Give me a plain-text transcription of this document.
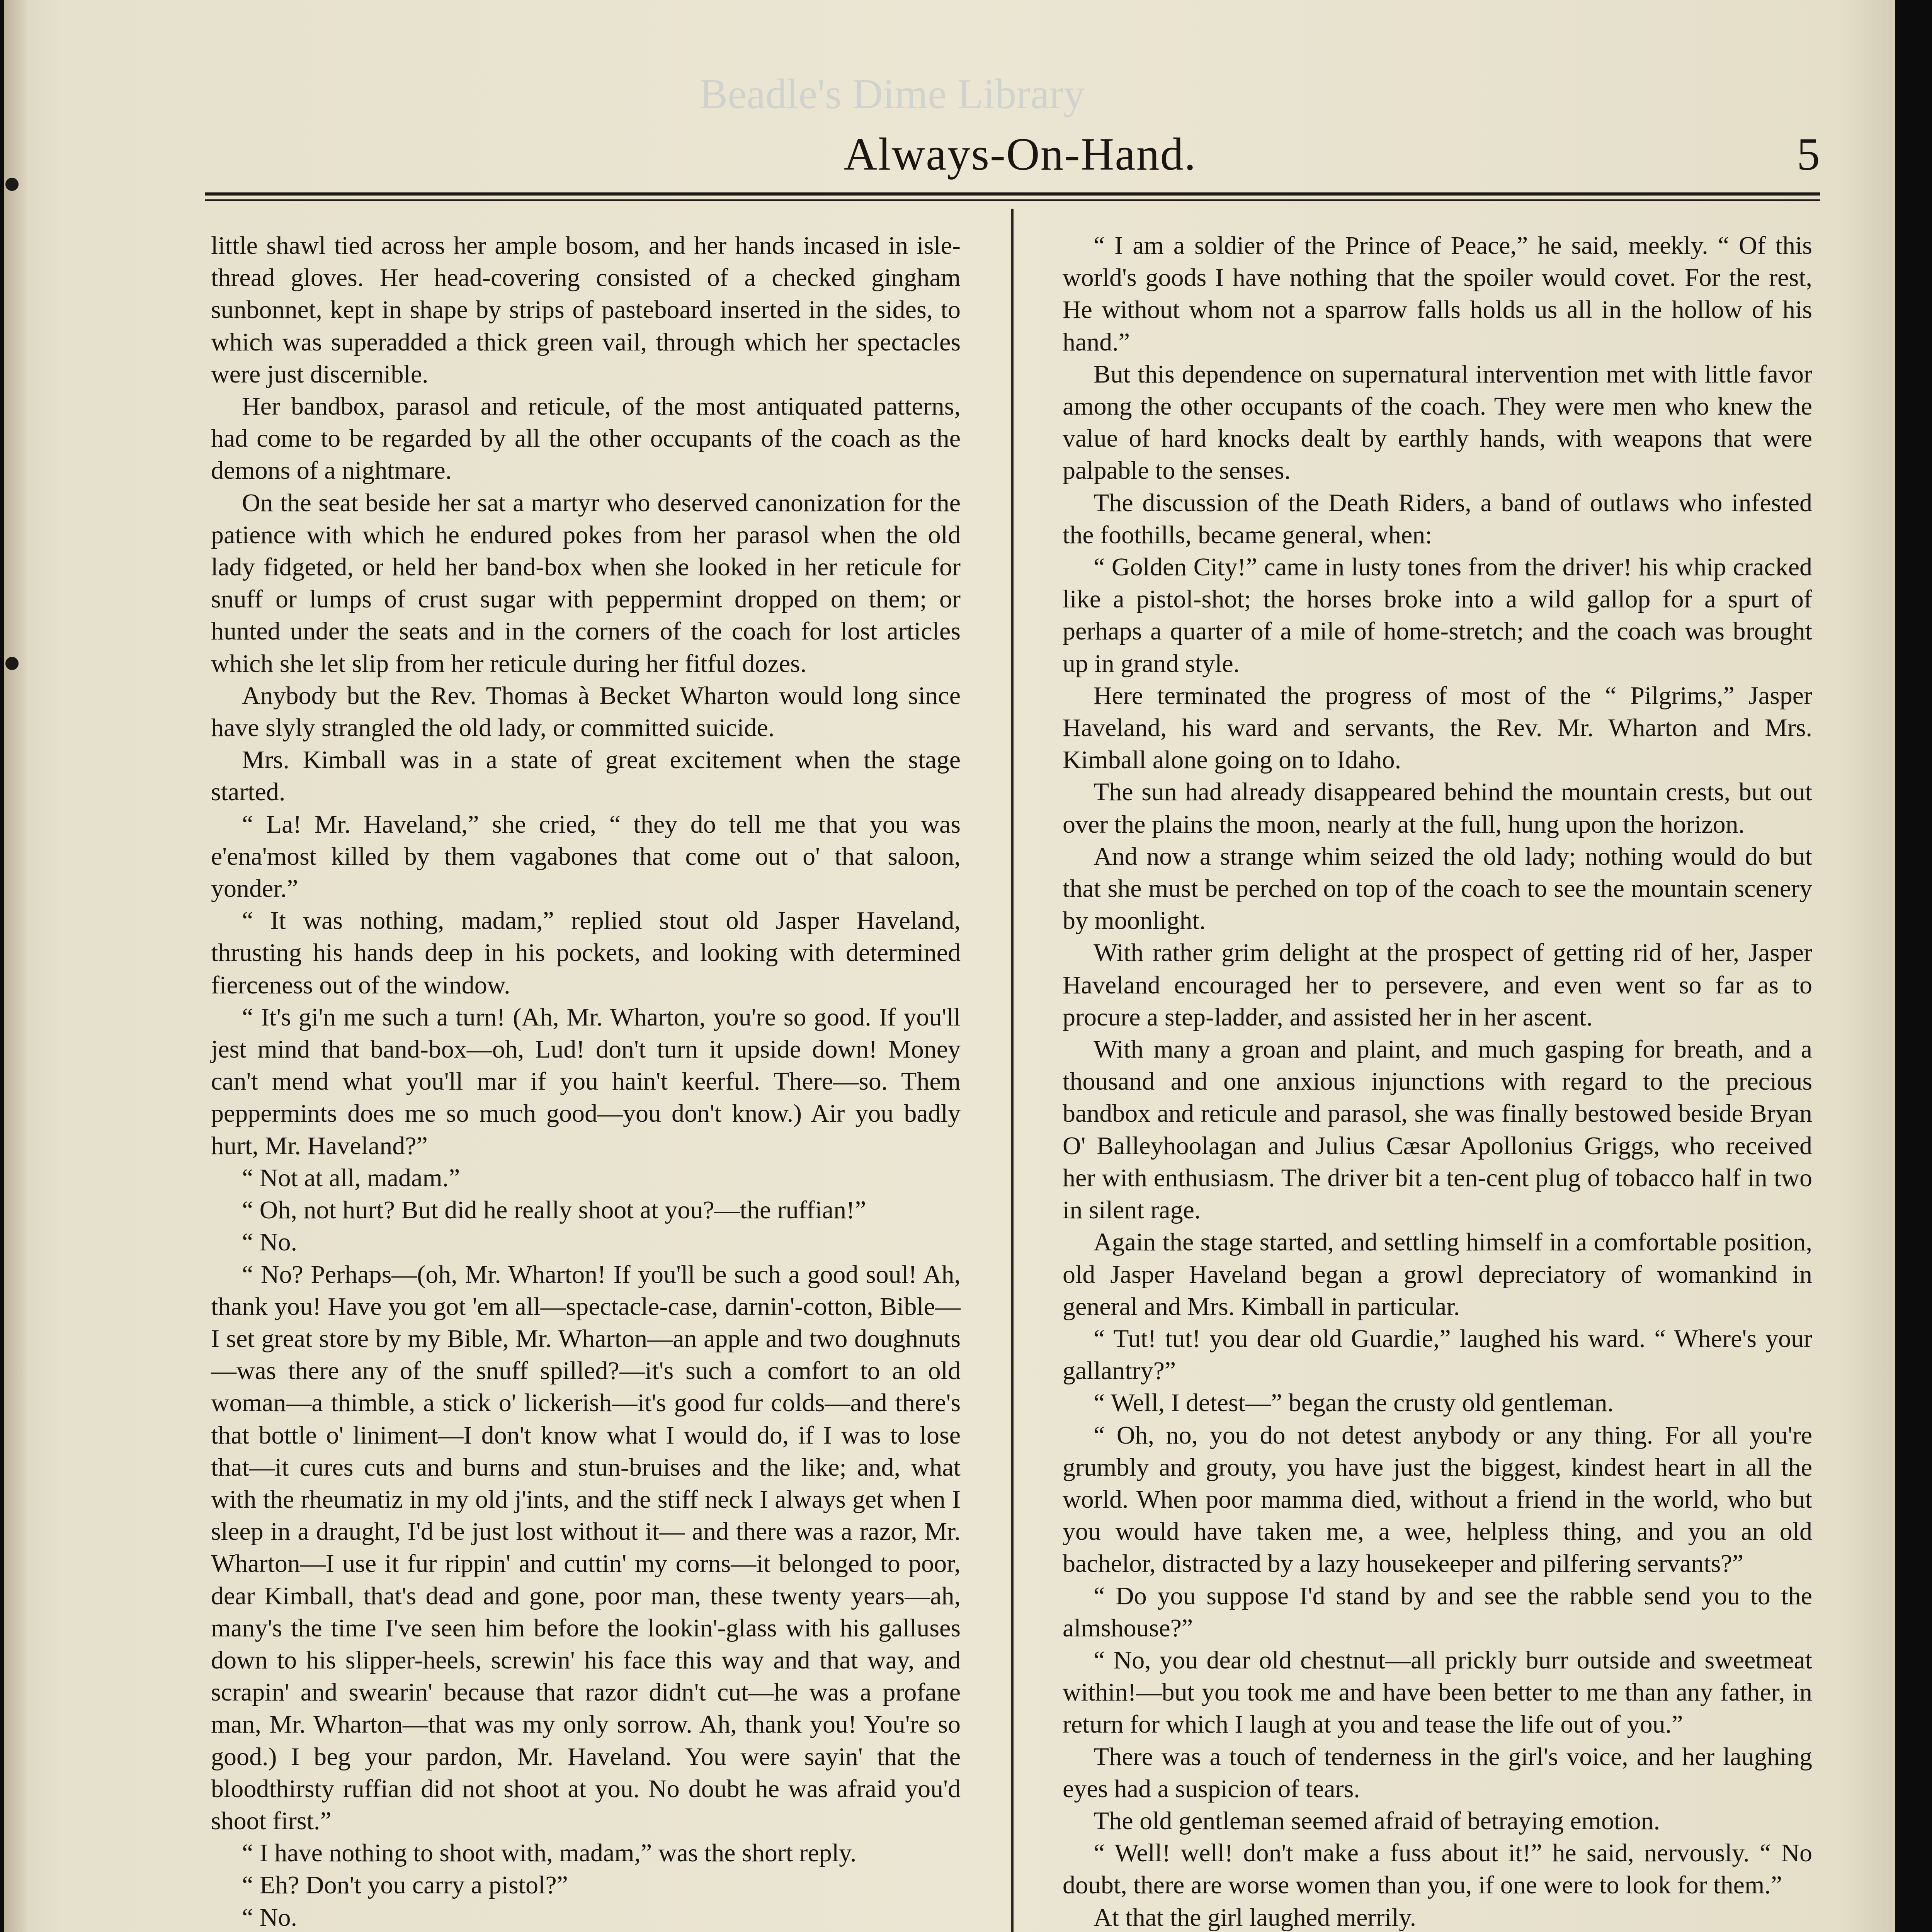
Beadle's Dime Library
Always-On-Hand.	5

little shawl tied across her ample bosom, and her hands incased in isle-thread gloves. Her head-covering consisted of a checked gingham sunbonnet, kept in shape by strips of pasteboard inserted in the sides, to which was superadded a thick green vail, through which her spectacles were just discernible.

Her bandbox, parasol and reticule, of the most antiquated patterns, had come to be regarded by all the other occupants of the coach as the demons of a nightmare.

On the seat beside her sat a martyr who deserved canonization for the patience with which he endured pokes from her parasol when the old lady fidgeted, or held her band-box when she looked in her reticule for snuff or lumps of crust sugar with peppermint dropped on them; or hunted under the seats and in the corners of the coach for lost articles which she let slip from her reticule during her fitful dozes.

Anybody but the Rev. Thomas à Becket Wharton would long since have slyly strangled the old lady, or committed suicide.

Mrs. Kimball was in a state of great excitement when the stage started.

“ La! Mr. Haveland,” she cried, “ they do tell me that you was e'ena'most killed by them vagabones that come out o' that saloon, yonder.”

“ It was nothing, madam,” replied stout old Jasper Haveland, thrusting his hands deep in his pockets, and looking with determined fierceness out of the window.

“ It's gi'n me such a turn! (Ah, Mr. Wharton, you're so good. If you'll jest mind that band-box—oh, Lud! don't turn it upside down! Money can't mend what you'll mar if you hain't keerful. There—so. Them peppermints does me so much good—you don't know.) Air you badly hurt, Mr. Haveland?”

“ Not at all, madam.”

“ Oh, not hurt? But did he really shoot at you?—the ruffian!”

“ No.

“ No? Perhaps—(oh, Mr. Wharton! If you'll be such a good soul! Ah, thank you! Have you got 'em all—spectacle-case, darnin'-cotton, Bible—I set great store by my Bible, Mr. Wharton—an apple and two doughnuts—was there any of the snuff spilled?—it's such a comfort to an old woman—a thimble, a stick o' lickerish—it's good fur colds—and there's that bottle o' liniment—I don't know what I would do, if I was to lose that—it cures cuts and burns and stun-bruises and the like; and, what with the rheumatiz in my old j'ints, and the stiff neck I always get when I sleep in a draught, I'd be just lost without it— and there was a razor, Mr. Wharton—I use it fur rippin' and cuttin' my corns—it belonged to poor, dear Kimball, that's dead and gone, poor man, these twenty years—ah, many's the time I've seen him before the lookin'-glass with his galluses down to his slipper-heels, screwin' his face this way and that way, and scrapin' and swearin' because that razor didn't cut—he was a profane man, Mr. Wharton—that was my only sorrow. Ah, thank you! You're so good.) I beg your pardon, Mr. Haveland. You were sayin' that the bloodthirsty ruffian did not shoot at you. No doubt he was afraid you'd shoot first.”

“ I have nothing to shoot with, madam,” was the short reply.

“ Eh? Don't you carry a pistol?”

“ No.

“ I am a soldier of the Prince of Peace,” he said, meekly. “ Of this world's goods I have nothing that the spoiler would covet. For the rest, He without whom not a sparrow falls holds us all in the hollow of his hand.”

But this dependence on supernatural intervention met with little favor among the other occupants of the coach. They were men who knew the value of hard knocks dealt by earthly hands, with weapons that were palpable to the senses.

The discussion of the Death Riders, a band of outlaws who infested the foothills, became general, when:

“ Golden City!” came in lusty tones from the driver! his whip cracked like a pistol-shot; the horses broke into a wild gallop for a spurt of perhaps a quarter of a mile of home-stretch; and the coach was brought up in grand style.

Here terminated the progress of most of the “ Pilgrims,” Jasper Haveland, his ward and servants, the Rev. Mr. Wharton and Mrs. Kimball alone going on to Idaho.

The sun had already disappeared behind the mountain crests, but out over the plains the moon, nearly at the full, hung upon the horizon.

And now a strange whim seized the old lady; nothing would do but that she must be perched on top of the coach to see the mountain scenery by moonlight.

With rather grim delight at the prospect of getting rid of her, Jasper Haveland encouraged her to persevere, and even went so far as to procure a step-ladder, and assisted her in her ascent.

With many a groan and plaint, and much gasping for breath, and a thousand and one anxious injunctions with regard to the precious bandbox and reticule and parasol, she was finally bestowed beside Bryan O' Balleyhoolagan and Julius Cæsar Apollonius Griggs, who received her with enthusiasm. The driver bit a ten-cent plug of tobacco half in two in silent rage.

Again the stage started, and settling himself in a comfortable position, old Jasper Haveland began a growl depreciatory of womankind in general and Mrs. Kimball in particular.

“ Tut! tut! you dear old Guardie,” laughed his ward. “ Where's your gallantry?”

“ Well, I detest—” began the crusty old gentleman.

“ Oh, no, you do not detest anybody or any thing. For all you're grumbly and grouty, you have just the biggest, kindest heart in all the world. When poor mamma died, without a friend in the world, who but you would have taken me, a wee, helpless thing, and you an old bachelor, distracted by a lazy housekeeper and pilfering servants?”

“ Do you suppose I'd stand by and see the rabble send you to the almshouse?”

“ No, you dear old chestnut—all prickly burr outside and sweetmeat within!—but you took me and have been better to me than any father, in return for which I laugh at you and tease the life out of you.”

There was a touch of tenderness in the girl's voice, and her laughing eyes had a suspicion of tears.

The old gentleman seemed afraid of betraying emotion.

“ Well! well! don't make a fuss about it!” he said, nervously. “ No doubt, there are worse women than you, if one were to look for them.”

At that the girl laughed merrily.
